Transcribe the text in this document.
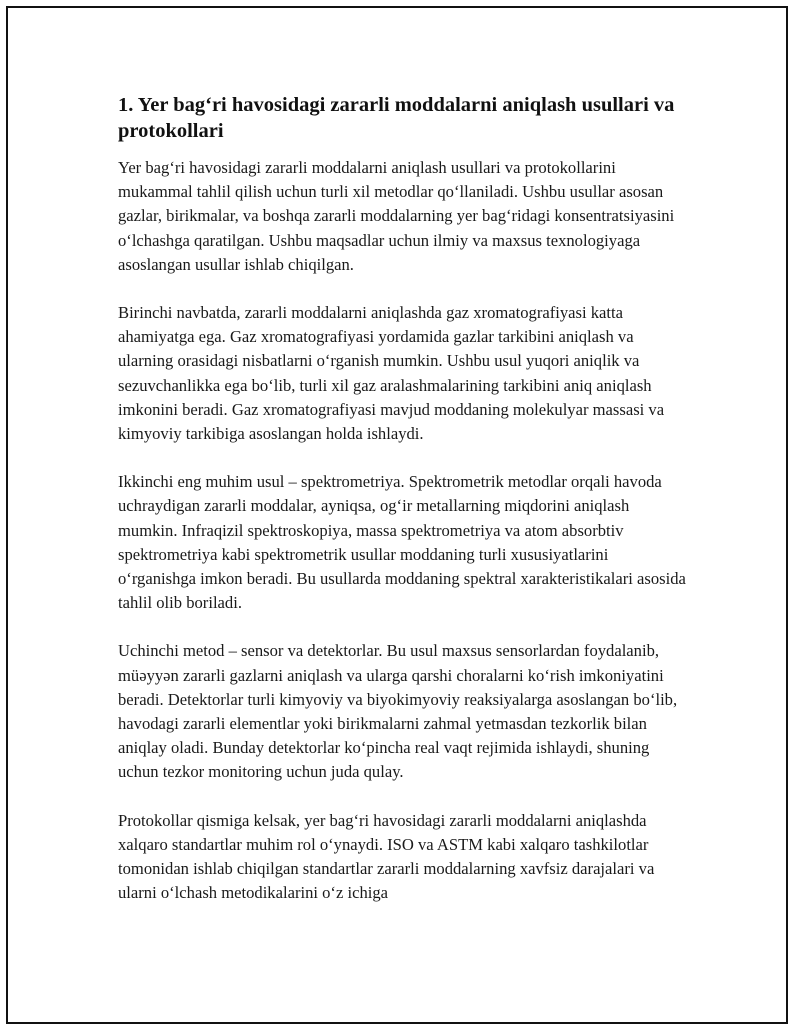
1. Yer bag‘ri havosidagi zararli moddalarni aniqlash usullari va protokollari

Yer bag‘ri havosidagi zararli moddalarni aniqlash usullari va protokollarini mukammal tahlil qilish uchun turli xil metodlar qo‘llaniladi. Ushbu usullar asosan gazlar, birikmalar, va boshqa zararli moddalarning yer bag‘ridagi konsentratsiyasini o‘lchashga qaratilgan. Ushbu maqsadlar uchun ilmiy va maxsus texnologiyaga asoslangan usullar ishlab chiqilgan.

Birinchi navbatda, zararli moddalarni aniqlashda gaz xromatografiyasi katta ahamiyatga ega. Gaz xromatografiyasi yordamida gazlar tarkibini aniqlash va ularning orasidagi nisbatlarni o‘rganish mumkin. Ushbu usul yuqori aniqlik va sezuvchanlikka ega bo‘lib, turli xil gaz aralashmalarining tarkibini aniq aniqlash imkonini beradi. Gaz xromatografiyasi mavjud moddaning molekulyar massasi va kimyoviy tarkibiga asoslangan holda ishlaydi.

Ikkinchi eng muhim usul – spektrometriya. Spektrometrik metodlar orqali havoda uchraydigan zararli moddalar, ayniqsa, og‘ir metallarning miqdorini aniqlash mumkin. Infraqizil spektroskopiya, massa spektrometriya va atom absorbtiv spektrometriya kabi spektrometrik usullar moddaning turli xususiyatlarini o‘rganishga imkon beradi. Bu usullarda moddaning spektral xarakteristikalari asosida tahlil olib boriladi.

Uchinchi metod – sensor va detektorlar. Bu usul maxsus sensorlardan foydalanib, müəyyən zararli gazlarni aniqlash va ularga qarshi choralarni ko‘rish imkoniyatini beradi. Detektorlar turli kimyoviy va biyokimyoviy reaksiyalarga asoslangan bo‘lib, havodagi zararli elementlar yoki birikmalarni zahmal yetmasdan tezkorlik bilan aniqlay oladi. Bunday detektorlar ko‘pincha real vaqt rejimida ishlaydi, shuning uchun tezkor monitoring uchun juda qulay.

Protokollar qismiga kelsak, yer bag‘ri havosidagi zararli moddalarni aniqlashda xalqaro standartlar muhim rol o‘ynaydi. ISO va ASTM kabi xalqaro tashkilotlar tomonidan ishlab chiqilgan standartlar zararli moddalarning xavfsiz darajalari va ularni o‘lchash metodikalarini o‘z ichiga
